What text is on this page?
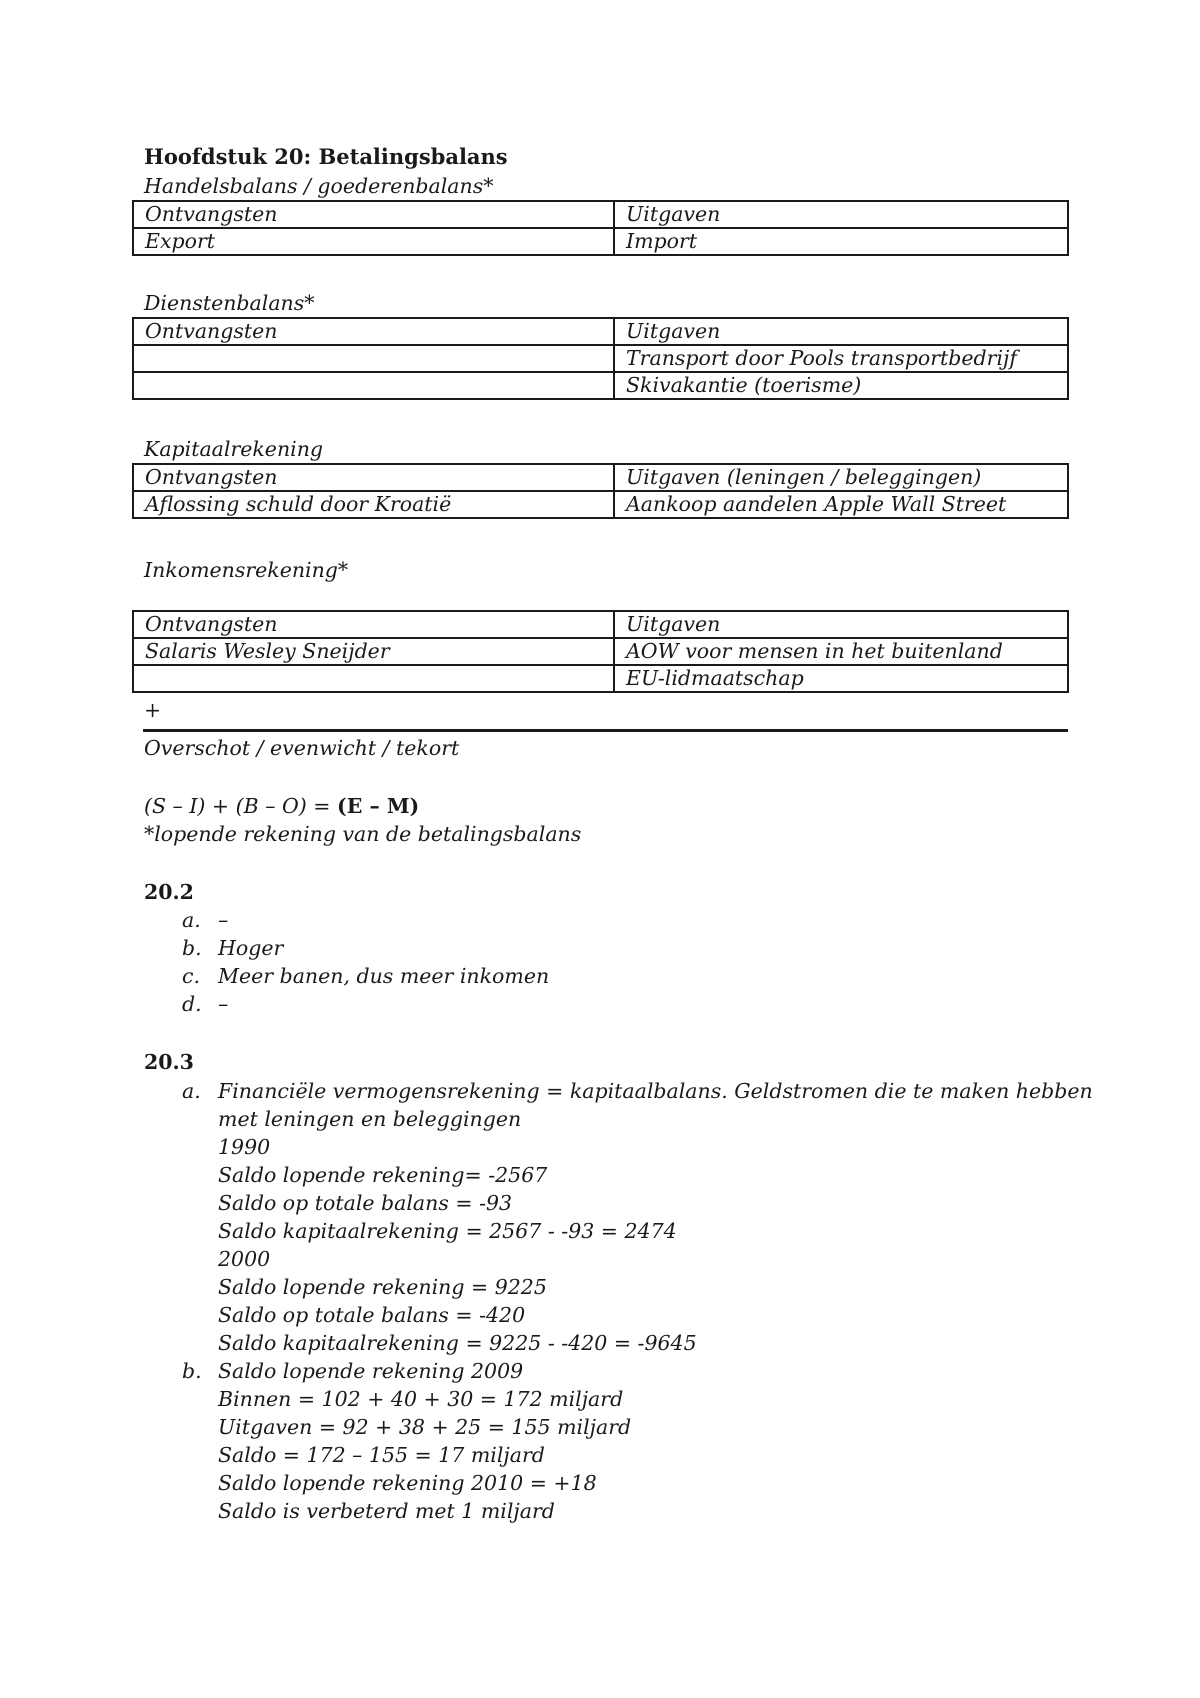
Hoofdstuk 20: Betalingsbalans
Handelsbalans / goederenbalans*
Ontvangsten	Uitgaven
Export	Import
Dienstenbalans*
Ontvangsten	Uitgaven
	Transport door Pools transportbedrijf
	Skivakantie (toerisme)
Kapitaalrekening
Ontvangsten	Uitgaven (leningen / beleggingen)
Aflossing schuld door Kroatië	Aankoop aandelen Apple Wall Street
Inkomensrekening*
Ontvangsten	Uitgaven
Salaris Wesley Sneijder	AOW voor mensen in het buitenland
	EU-lidmaatschap
+
Overschot / evenwicht / tekort
(S – I) + (B – O) = (E – M)
*lopende rekening van de betalingsbalans
20.2
a. –
b. Hoger
c. Meer banen, dus meer inkomen
d. –
20.3
a. Financiële vermogensrekening = kapitaalbalans. Geldstromen die te maken hebben
met leningen en beleggingen
1990
Saldo lopende rekening= -2567
Saldo op totale balans = -93
Saldo kapitaalrekening = 2567 - -93 = 2474
2000
Saldo lopende rekening = 9225
Saldo op totale balans = -420
Saldo kapitaalrekening = 9225 - -420 = -9645
b. Saldo lopende rekening 2009
Binnen = 102 + 40 + 30 = 172 miljard
Uitgaven = 92 + 38 + 25 = 155 miljard
Saldo = 172 – 155 = 17 miljard
Saldo lopende rekening 2010 = +18
Saldo is verbeterd met 1 miljard
